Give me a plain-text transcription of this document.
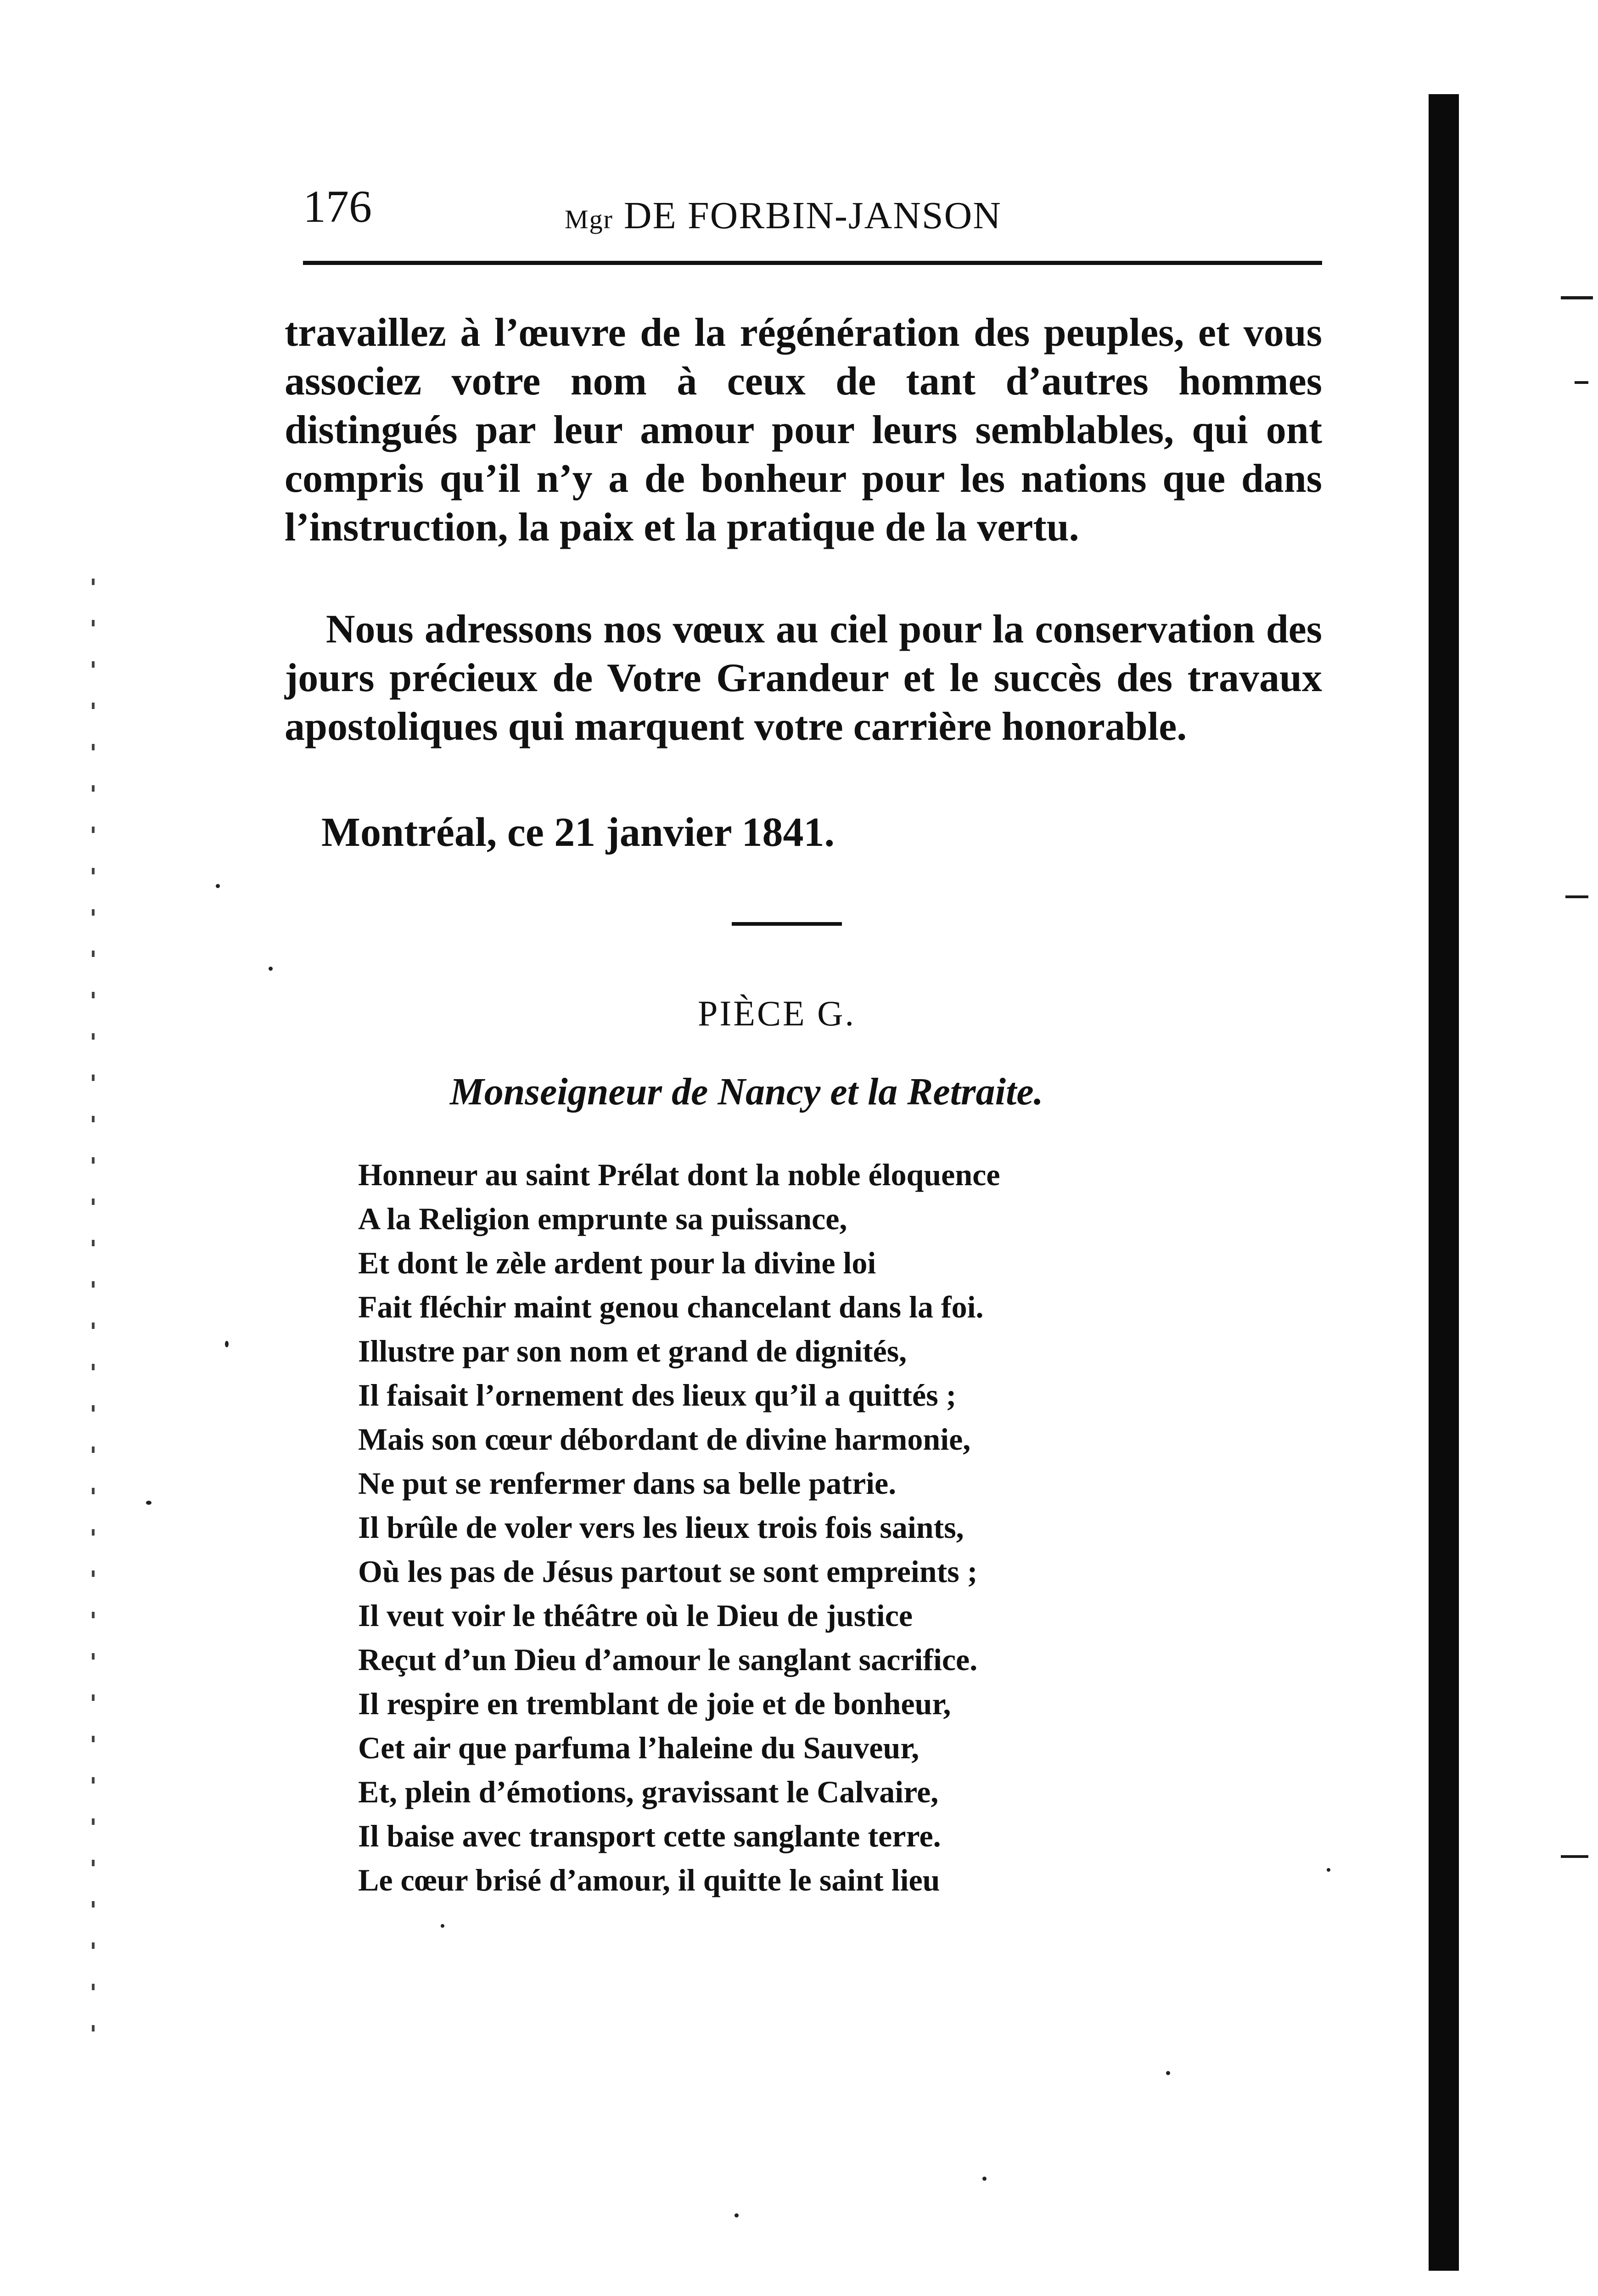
176	Mgr DE FORBIN-JANSON

travaillez à l’œuvre de la régénération des peuples, et vous associez votre nom à ceux de tant d’autres hommes distingués par leur amour pour leurs semblables, qui ont compris qu’il n’y a de bonheur pour les nations que dans l’instruction, la paix et la pratique de la vertu.

Nous adressons nos vœux au ciel pour la conservation des jours précieux de Votre Grandeur et le succès des travaux apostoliques qui marquent votre carrière honorable.

Montréal, ce 21 janvier 1841.
PIÈCE G.
Monseigneur de Nancy et la Retraite.
Honneur au saint Prélat dont la noble éloquence
A la Religion emprunte sa puissance,
Et dont le zèle ardent pour la divine loi
Fait fléchir maint genou chancelant dans la foi.
Illustre par son nom et grand de dignités,
Il faisait l’ornement des lieux qu’il a quittés ;
Mais son cœur débordant de divine harmonie,
Ne put se renfermer dans sa belle patrie.
Il brûle de voler vers les lieux trois fois saints,
Où les pas de Jésus partout se sont empreints ;
Il veut voir le théâtre où le Dieu de justice
Reçut d’un Dieu d’amour le sanglant sacrifice.
Il respire en tremblant de joie et de bonheur,
Cet air que parfuma l’haleine du Sauveur,
Et, plein d’émotions, gravissant le Calvaire,
Il baise avec transport cette sanglante terre.
Le cœur brisé d’amour, il quitte le saint lieu
